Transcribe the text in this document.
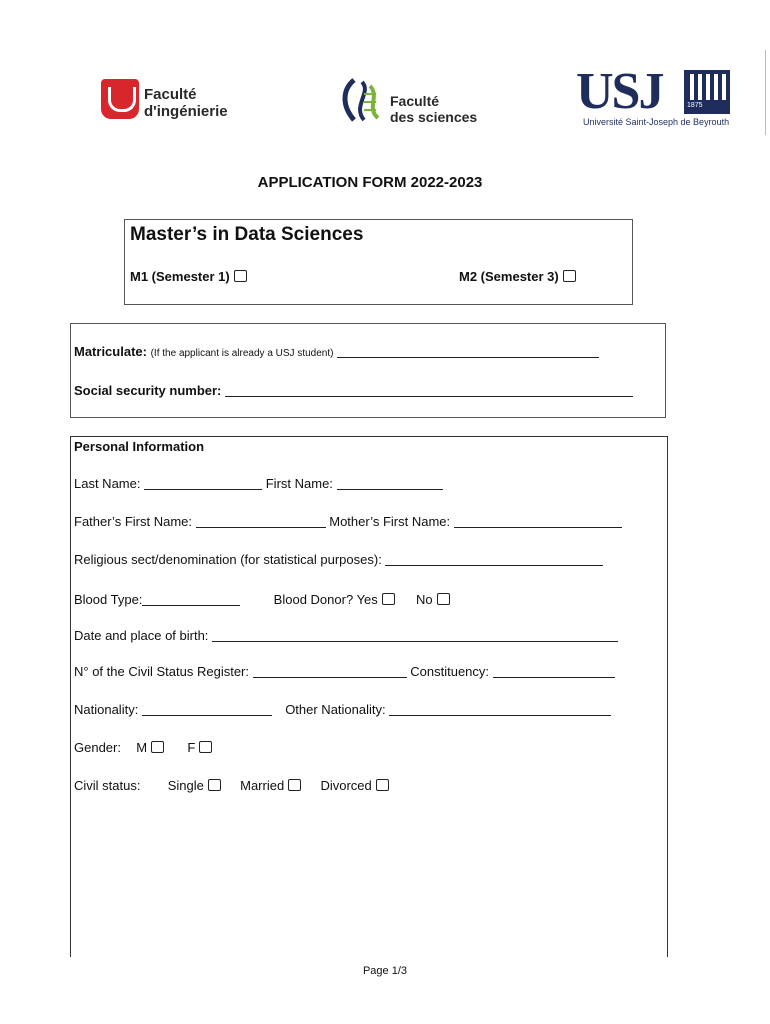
Faculté
d'ingénierie
Faculté
des sciences USJ	1875
Université Saint-Joseph de Beyrouth
APPLICATION FORM 2022-2023
Master’s in Data Sciences
M1 (Semester 1)	M2 (Semester 3)
Matriculate: (If the applicant is already a USJ student)
Social security number:
Personal Information
Last Name:	First Name:
Father’s First Name:	Mother’s First Name:
Religious sect/denomination (for statistical purposes):
Blood Type:	Blood Donor? Yes	No
Date and place of birth:
N° of the Civil Status Register:	Constituency:
Nationality:	Other Nationality:
Gender: M	F
Civil status: Single	Married	Divorced
Page 1/3
